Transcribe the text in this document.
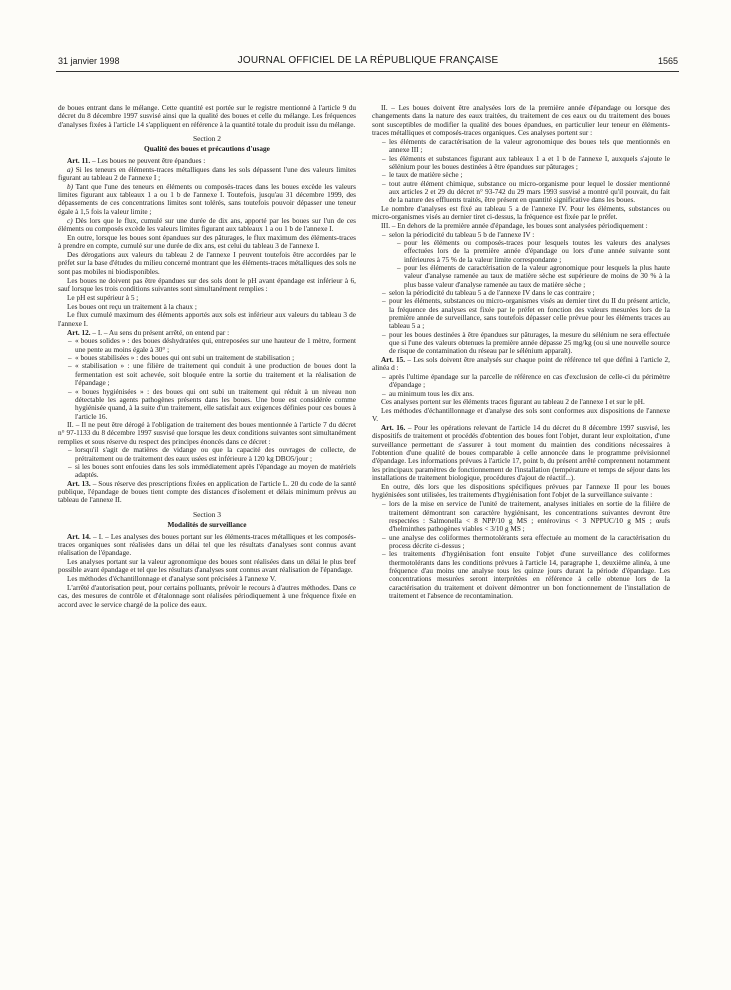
31 janvier 1998	JOURNAL OFFICIEL DE LA RÉPUBLIQUE FRANÇAISE	1565

de boues entrant dans le mélange. Cette quantité est portée sur le registre mentionné à l'article 9 du décret du 8 décembre 1997 susvisé ainsi que la qualité des boues et celle du mélange. Les fréquences d'analyses fixées à l'article 14 s'appliquent en référence à la quantité totale du produit issu du mélange.

Section 2

Qualité des boues et précautions d'usage

Art. 11. – Les boues ne peuvent être épandues :

a) Si les teneurs en éléments-traces métalliques dans les sols dépassent l'une des valeurs limites figurant au tableau 2 de l'annexe I ;

b) Tant que l'une des teneurs en éléments ou composés-traces dans les boues excède les valeurs limites figurant aux tableaux 1 a ou 1 b de l'annexe I. Toutefois, jusqu'au 31 décembre 1999, des dépassements de ces concentrations limites sont tolérés, sans toutefois pouvoir dépasser une teneur égale à 1,5 fois la valeur limite ;

c) Dès lors que le flux, cumulé sur une durée de dix ans, apporté par les boues sur l'un de ces éléments ou composés excède les valeurs limites figurant aux tableaux 1 a ou 1 b de l'annexe I.

En outre, lorsque les boues sont épandues sur des pâturages, le flux maximum des éléments-traces à prendre en compte, cumulé sur une durée de dix ans, est celui du tableau 3 de l'annexe I.

Des dérogations aux valeurs du tableau 2 de l'annexe I peuvent toutefois être accordées par le préfet sur la base d'études du milieu concerné montrant que les éléments-traces métalliques des sols ne sont pas mobiles ni biodisponibles.

Les boues ne doivent pas être épandues sur des sols dont le pH avant épandage est inférieur à 6, sauf lorsque les trois conditions suivantes sont simultanément remplies :

Le pH est supérieur à 5 ;

Les boues ont reçu un traitement à la chaux ;

Le flux cumulé maximum des éléments apportés aux sols est inférieur aux valeurs du tableau 3 de l'annexe I.

Art. 12. – I. – Au sens du présent arrêté, on entend par :

– « boues solides » : des boues déshydratées qui, entreposées sur une hauteur de 1 mètre, forment une pente au moins égale à 30° ;
– « boues stabilisées » : des boues qui ont subi un traitement de stabilisation ;
– « stabilisation » : une filière de traitement qui conduit à une production de boues dont la fermentation est soit achevée, soit bloquée entre la sortie du traitement et la réalisation de l'épandage ;
– « boues hygiénisées » : des boues qui ont subi un traitement qui réduit à un niveau non détectable les agents pathogènes présents dans les boues. Une boue est considérée comme hygiénisée quand, à la suite d'un traitement, elle satisfait aux exigences définies pour ces boues à l'article 16.

II. – Il ne peut être dérogé à l'obligation de traitement des boues mentionnée à l'article 7 du décret n° 97-1133 du 8 décembre 1997 susvisé que lorsque les deux conditions suivantes sont simultanément remplies et sous réserve du respect des principes énoncés dans ce décret :

– lorsqu'il s'agit de matières de vidange ou que la capacité des ouvrages de collecte, de prétraitement ou de traitement des eaux usées est inférieure à 120 kg DBO5/jour ;
– si les boues sont enfouies dans les sols immédiatement après l'épandage au moyen de matériels adaptés.

Art. 13. – Sous réserve des prescriptions fixées en application de l'article L. 20 du code de la santé publique, l'épandage de boues tient compte des distances d'isolement et délais minimum prévus au tableau de l'annexe II.

Section 3

Modalités de surveillance

Art. 14. – I. – Les analyses des boues portant sur les éléments-traces métalliques et les composés-traces organiques sont réalisées dans un délai tel que les résultats d'analyses sont connus avant réalisation de l'épandage.

Les analyses portant sur la valeur agronomique des boues sont réalisées dans un délai le plus bref possible avant épandage et tel que les résultats d'analyses sont connus avant réalisation de l'épandage.

Les méthodes d'échantillonnage et d'analyse sont précisées à l'annexe V.

L'arrêté d'autorisation peut, pour certains polluants, prévoir le recours à d'autres méthodes. Dans ce cas, des mesures de contrôle et d'étalonnage sont réalisées périodiquement à une fréquence fixée en accord avec le service chargé de la police des eaux.

II. – Les boues doivent être analysées lors de la première année d'épandage ou lorsque des changements dans la nature des eaux traitées, du traitement de ces eaux ou du traitement des boues sont susceptibles de modifier la qualité des boues épandues, en particulier leur teneur en éléments-traces métalliques et composés-traces organiques. Ces analyses portent sur :

– les éléments de caractérisation de la valeur agronomique des boues tels que mentionnés en annexe III ;
– les éléments et substances figurant aux tableaux 1 a et 1 b de l'annexe I, auxquels s'ajoute le sélénium pour les boues destinées à être épandues sur pâturages ;
– le taux de matière sèche ;
– tout autre élément chimique, substance ou micro-organisme pour lequel le dossier mentionné aux articles 2 et 29 du décret n° 93-742 du 29 mars 1993 susvisé a montré qu'il pouvait, du fait de la nature des effluents traités, être présent en quantité significative dans les boues.

Le nombre d'analyses est fixé au tableau 5 a de l'annexe IV. Pour les éléments, substances ou micro-organismes visés au dernier tiret ci-dessus, la fréquence est fixée par le préfet.

III. – En dehors de la première année d'épandage, les boues sont analysées périodiquement :

– selon la périodicité du tableau 5 b de l'annexe IV :
– pour les éléments ou composés-traces pour lesquels toutes les valeurs des analyses effectuées lors de la première année d'épandage ou lors d'une année suivante sont inférieures à 75 % de la valeur limite correspondante ;
– pour les éléments de caractérisation de la valeur agronomique pour lesquels la plus haute valeur d'analyse ramenée au taux de matière sèche est supérieure de moins de 30 % à la plus basse valeur d'analyse ramenée au taux de matière sèche ;
– selon la périodicité du tableau 5 a de l'annexe IV dans le cas contraire ;
– pour les éléments, substances ou micro-organismes visés au dernier tiret du II du présent article, la fréquence des analyses est fixée par le préfet en fonction des valeurs mesurées lors de la première année de surveillance, sans toutefois dépasser celle prévue pour les éléments traces au tableau 5 a ;
– pour les boues destinées à être épandues sur pâturages, la mesure du sélénium ne sera effectuée que si l'une des valeurs obtenues la première année dépasse 25 mg/kg (ou si une nouvelle source de risque de contamination du réseau par le sélénium apparaît).

Art. 15. – Les sols doivent être analysés sur chaque point de référence tel que défini à l'article 2, alinéa d :

– après l'ultime épandage sur la parcelle de référence en cas d'exclusion de celle-ci du périmètre d'épandage ;
– au minimum tous les dix ans.

Ces analyses portent sur les éléments traces figurant au tableau 2 de l'annexe I et sur le pH.

Les méthodes d'échantillonnage et d'analyse des sols sont conformes aux dispositions de l'annexe V.

Art. 16. – Pour les opérations relevant de l'article 14 du décret du 8 décembre 1997 susvisé, les dispositifs de traitement et procédés d'obtention des boues font l'objet, durant leur exploitation, d'une surveillance permettant de s'assurer à tout moment du maintien des conditions nécessaires à l'obtention d'une qualité de boues comparable à celle annoncée dans le programme prévisionnel d'épandage. Les informations prévues à l'article 17, point b, du présent arrêté comprennent notamment les principaux paramètres de fonctionnement de l'installation (température et temps de séjour dans les installations de traitement biologique, procédures d'ajout de réactif...).

En outre, dès lors que les dispositions spécifiques prévues par l'annexe II pour les boues hygiénisées sont utilisées, les traitements d'hygiénisation font l'objet de la surveillance suivante :

– lors de la mise en service de l'unité de traitement, analyses initiales en sortie de la filière de traitement démontrant son caractère hygiénisant, les concentrations suivantes devront être respectées : Salmonella < 8 NPP/10 g MS ; entérovirus < 3 NPPUC/10 g MS ; œufs d'helminthes pathogènes viables < 3/10 g MS ;
– une analyse des coliformes thermotolérants sera effectuée au moment de la caractérisation du process décrite ci-dessus ;
– les traitements d'hygiénisation font ensuite l'objet d'une surveillance des coliformes thermotolérants dans les conditions prévues à l'article 14, paragraphe 1, deuxième alinéa, à une fréquence d'au moins une analyse tous les quinze jours durant la période d'épandage. Les concentrations mesurées seront interprétées en référence à celle obtenue lors de la caractérisation du traitement et doivent démontrer un bon fonctionnement de l'installation de traitement et l'absence de recontamination.
